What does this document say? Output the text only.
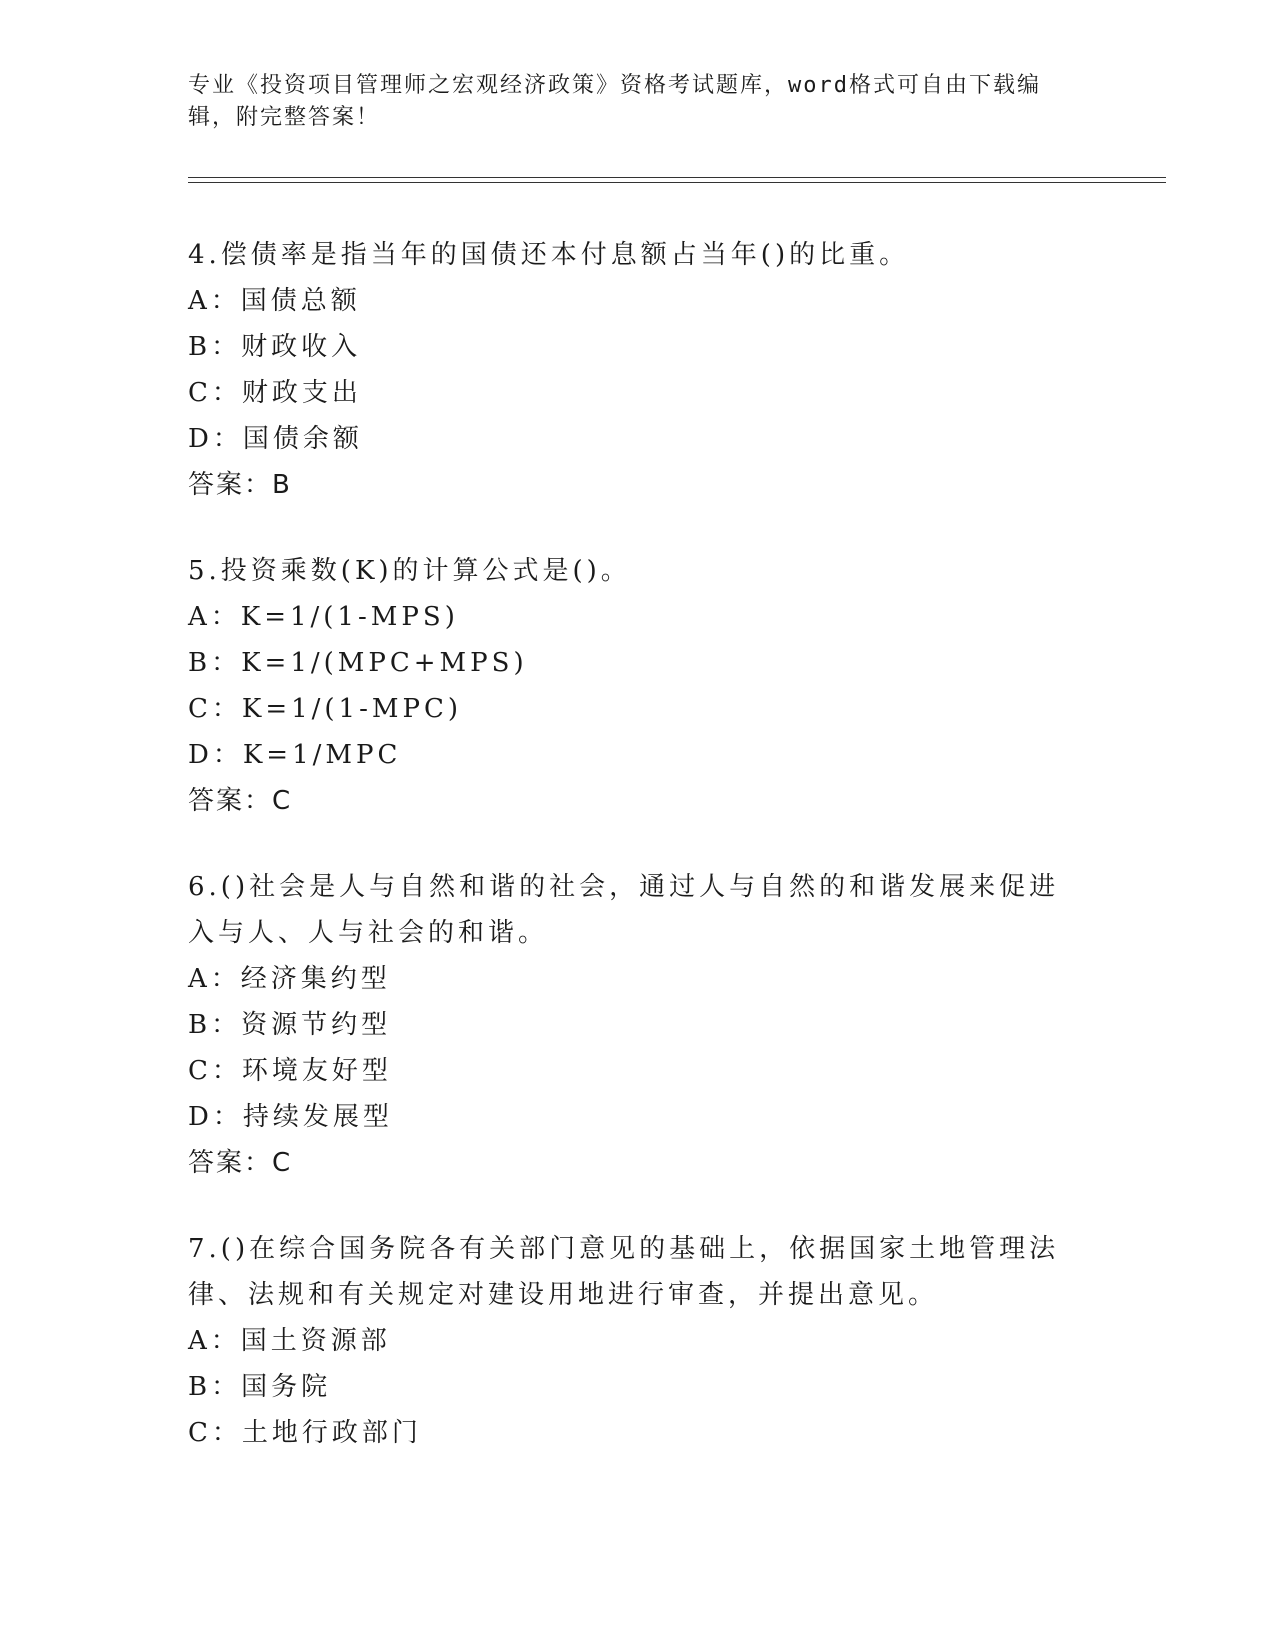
专业《投资项目管理师之宏观经济政策》资格考试题库，word格式可自由下载编辑，附完整答案！

4.偿债率是指当年的国债还本付息额占当年()的比重。

A：国债总额

B：财政收入

C：财政支出

D：国债余额

答案：B

5.投资乘数(K)的计算公式是()。

A：K=1/(1-MPS)

B：K=1/(MPC+MPS)

C：K=1/(1-MPC)

D：K=1/MPC

答案：C

6.()社会是人与自然和谐的社会，通过人与自然的和谐发展来促进入与人、人与社会的和谐。

A：经济集约型

B：资源节约型

C：环境友好型

D：持续发展型

答案：C

7.()在综合国务院各有关部门意见的基础上，依据国家土地管理法律、法规和有关规定对建设用地进行审查，并提出意见。

A：国土资源部

B：国务院

C：土地行政部门
